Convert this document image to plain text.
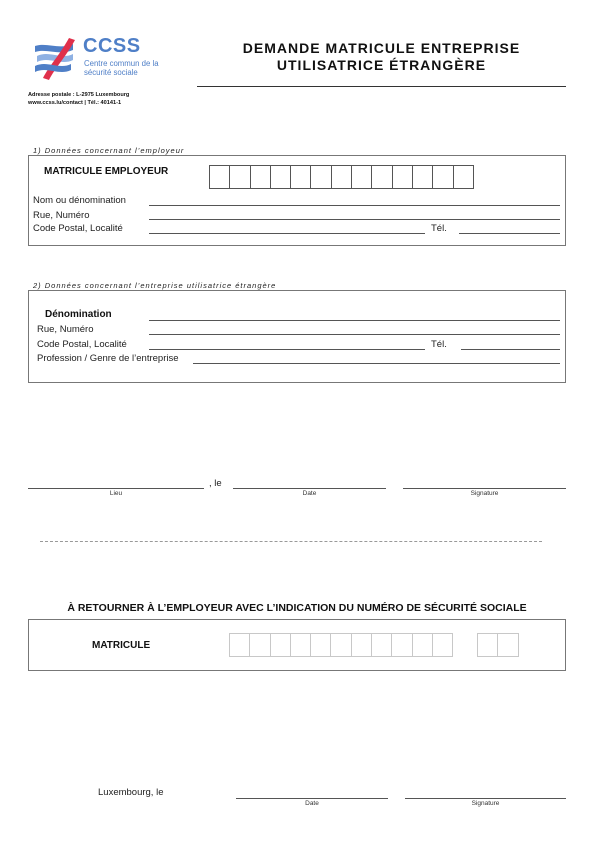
CCSS
Centre commun de la sécurité sociale
DEMANDE MATRICULE ENTREPRISE
UTILISATRICE ÉTRANGÈRE
Adresse postale : L-2975 Luxembourg
www.ccss.lu/contact | Tél.: 40141-1
1) Données concernant l’employeur
MATRICULE EMPLOYEUR
Nom ou dénomination
Rue, Numéro
Code Postal, Localité	Tél.
2) Données concernant l’entreprise utilisatrice étrangère
Dénomination
Rue, Numéro
Code Postal, Localité	Tél.
Profession / Genre de l’entreprise
, le
Lieu	Date	Signature
À RETOURNER À L’EMPLOYEUR AVEC L’INDICATION DU NUMÉRO DE SÉCURITÉ SOCIALE
MATRICULE
Luxembourg, le
Date	Signature
